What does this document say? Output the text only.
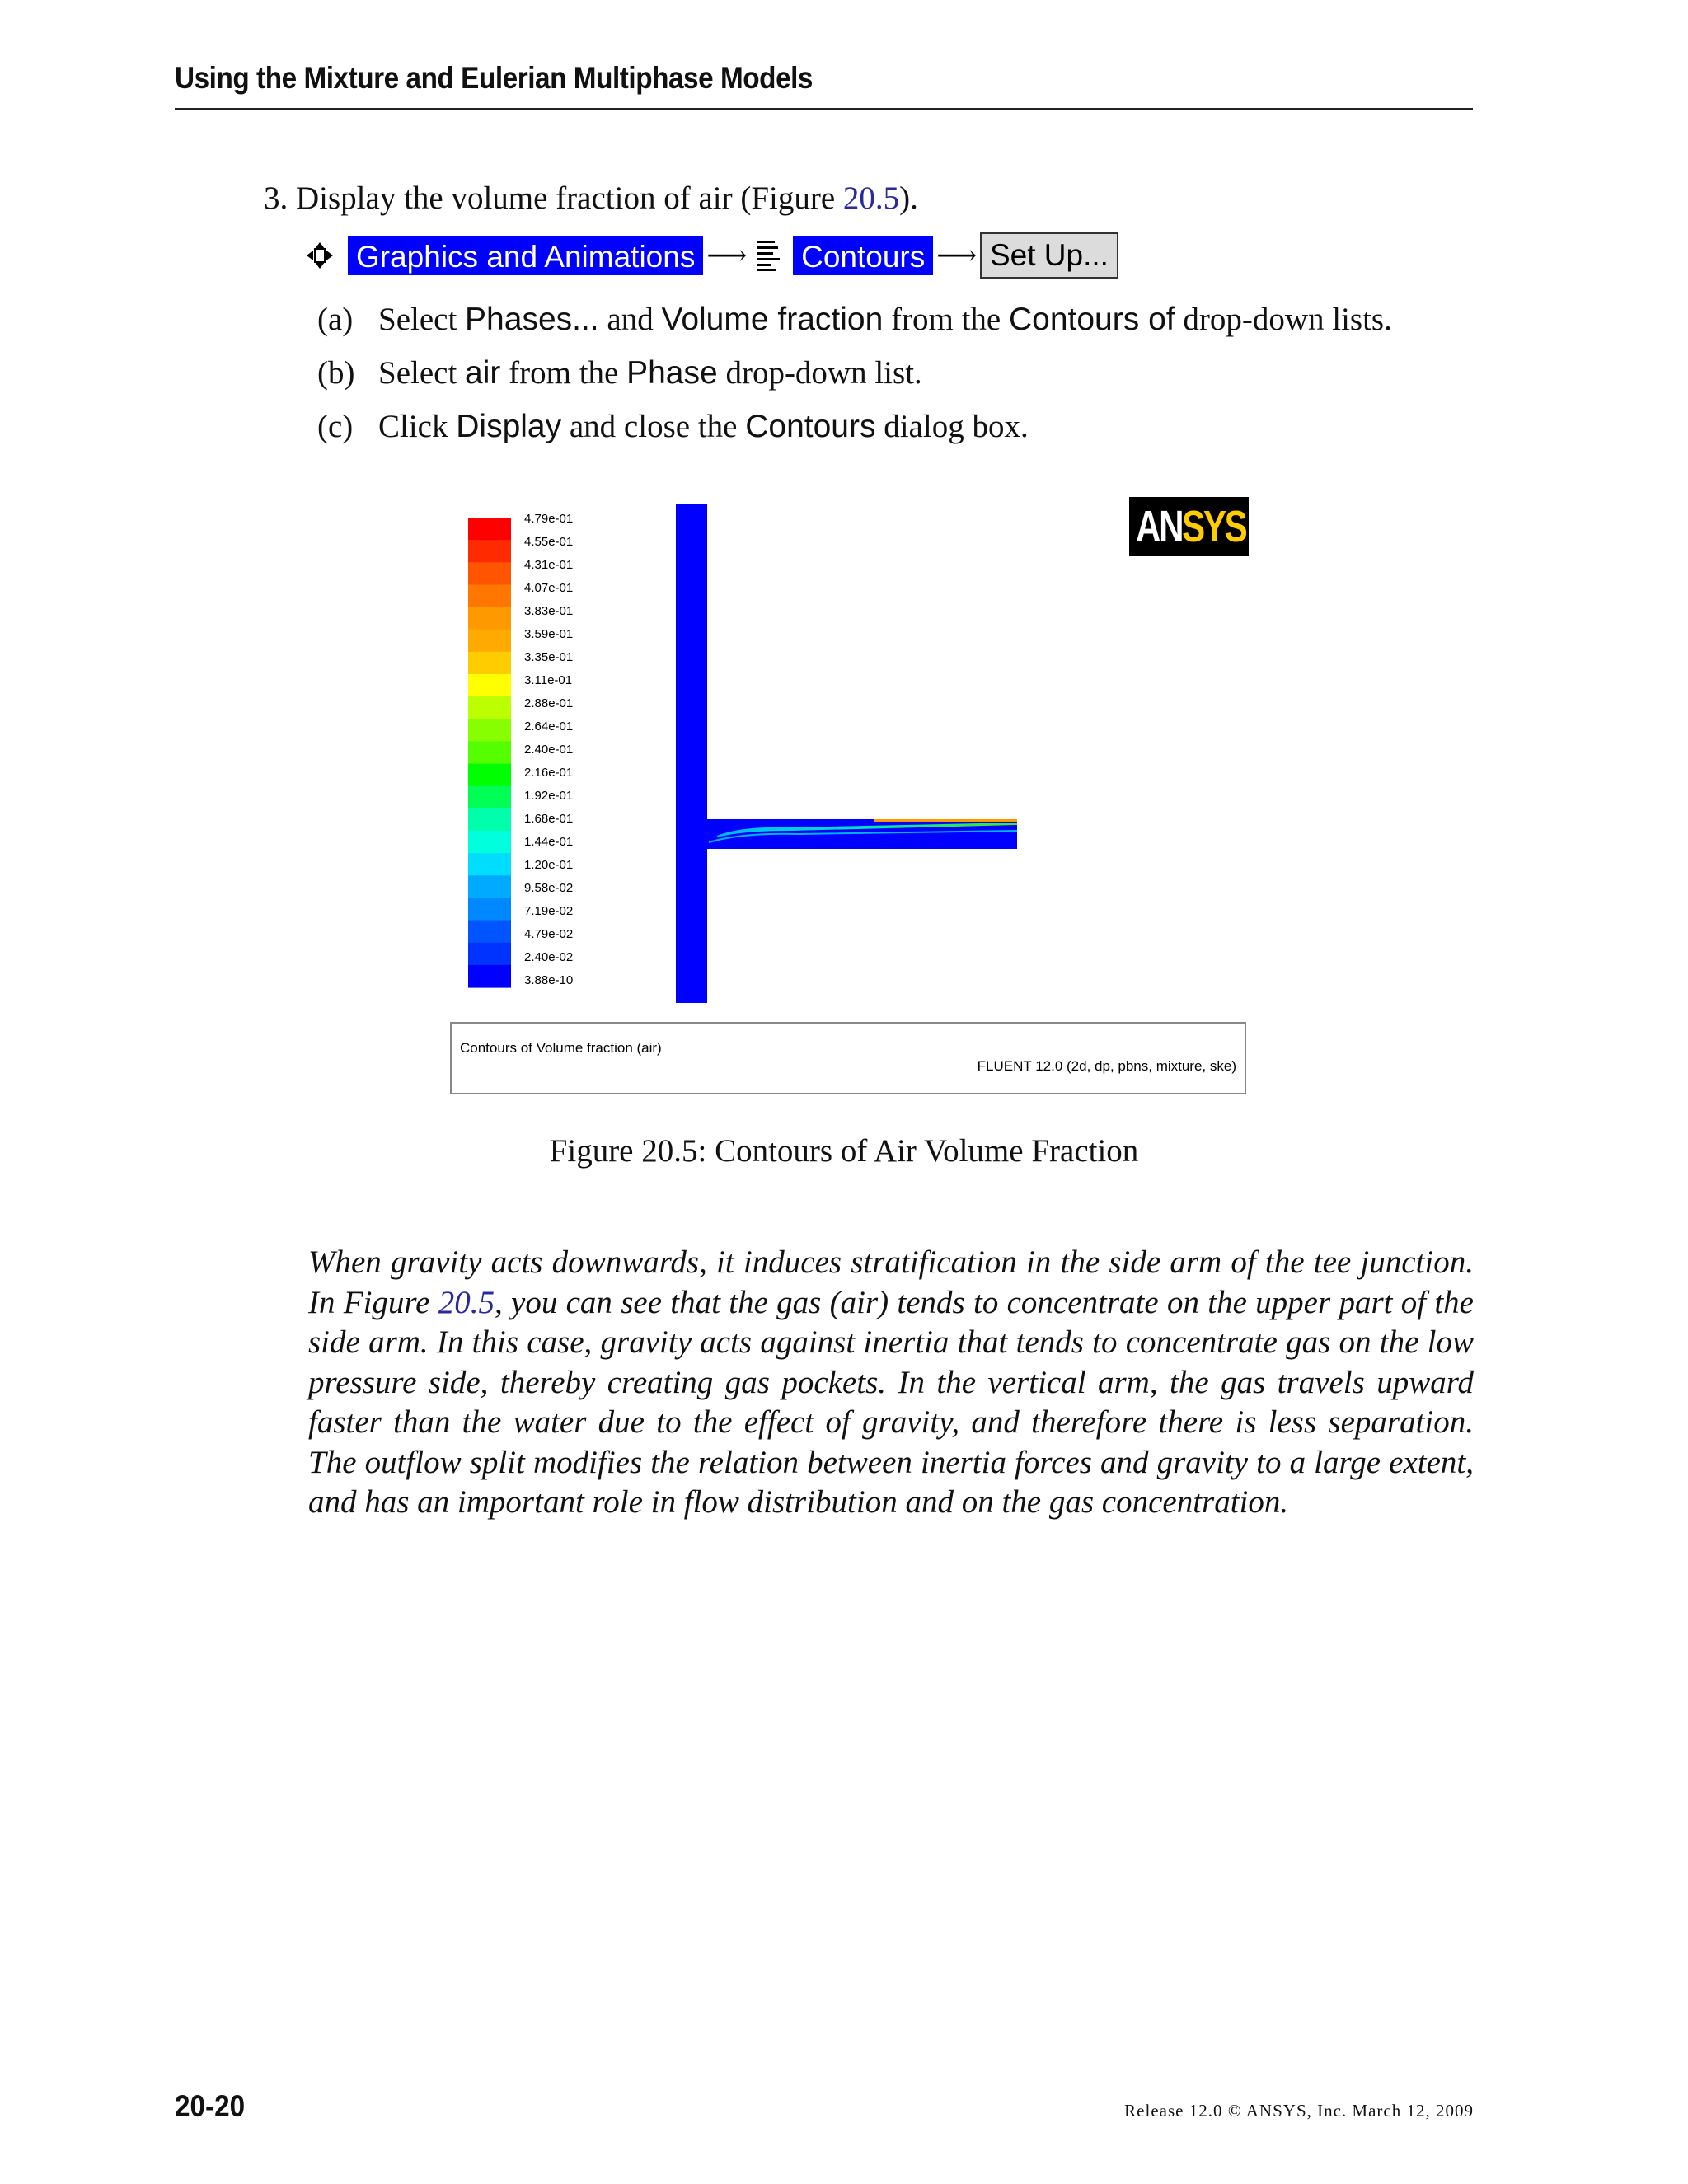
Using the Mixture and Eulerian Multiphase Models
3. Display the volume fraction of air (Figure 20.5).
Graphics and Animations ⟶ Contours ⟶ Set Up...
(a) Select Phases... and Volume fraction from the Contours of drop-down lists.
(b) Select air from the Phase drop-down list.
(c) Click Display and close the Contours dialog box.
4.79e-01
4.55e-01
4.31e-01
4.07e-01
3.83e-01
3.59e-01
3.35e-01
3.11e-01
2.88e-01
2.64e-01
2.40e-01
2.16e-01
1.92e-01
1.68e-01
1.44e-01
1.20e-01
9.58e-02
7.19e-02
4.79e-02
2.40e-02
3.88e-10
ANSYS
Contours of Volume fraction (air)
FLUENT 12.0 (2d, dp, pbns, mixture, ske)
Figure 20.5: Contours of Air Volume Fraction
When gravity acts downwards, it induces stratification in the side arm of the tee junction. In Figure 20.5, you can see that the gas (air) tends to concentrate on the upper part of the side arm. In this case, gravity acts against inertia that tends to concentrate gas on the low pressure side, thereby creating gas pockets. In the vertical arm, the gas travels upward faster than the water due to the effect of gravity, and therefore there is less separation. The outflow split modifies the relation between inertia forces and gravity to a large extent, and has an important role in flow distribution and on the gas concentration.
20-20	Release 12.0 © ANSYS, Inc. March 12, 2009
